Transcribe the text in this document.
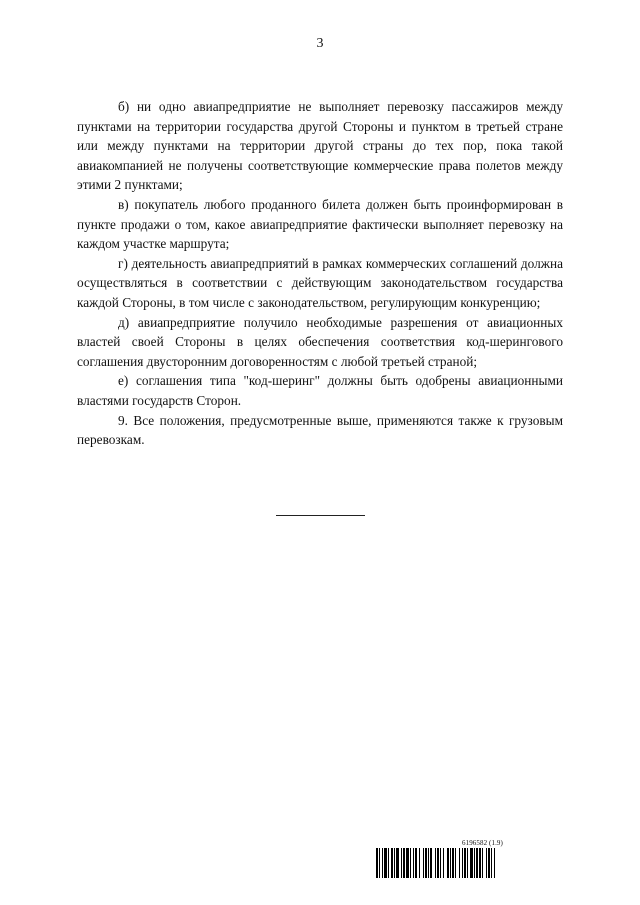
3

б) ни одно авиапредприятие не выполняет перевозку пассажиров между пунктами на территории государства другой Стороны и пунктом в третьей стране или между пунктами на территории другой страны до тех пор, пока такой авиакомпанией не получены соответствующие коммерческие права полетов между этими 2 пунктами;

в) покупатель любого проданного билета должен быть проинформирован в пункте продажи о том, какое авиапредприятие фактически выполняет перевозку на каждом участке маршрута;

г) деятельность авиапредприятий в рамках коммерческих соглашений должна осуществляться в соответствии с действующим законодательством государства каждой Стороны, в том числе с законодательством, регулирующим конкуренцию;

д) авиапредприятие получило необходимые разрешения от авиационных властей своей Стороны в целях обеспечения соответствия код-шерингового соглашения двусторонним договоренностям с любой третьей страной;

е) соглашения типа "код-шеринг" должны быть одобрены авиационными властями государств Сторон.

9. Все положения, предусмотренные выше, применяются также к грузовым перевозкам.

6196582 (1.9)
